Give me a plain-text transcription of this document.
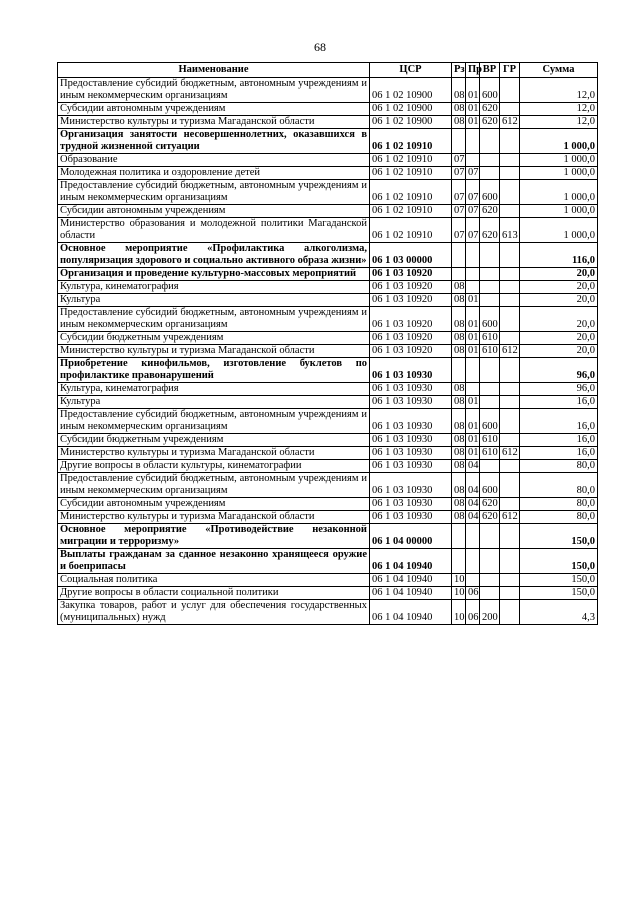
68
Наименование	ЦСР	Рз	Пр	ВР	ГР	Сумма
Предоставление субсидий бюджетным, автономным учреждениям и иным некоммерческим организациям	06 1 02 10900	08	01	600		12,0
Субсидии автономным учреждениям	06 1 02 10900	08	01	620		12,0
Министерство культуры и туризма Магаданской области	06 1 02 10900	08	01	620	612	12,0
Организация занятости несовершеннолетних, оказавшихся в трудной жизненной ситуации	06 1 02 10910					1 000,0
Образование	06 1 02 10910	07				1 000,0
Молодежная политика и оздоровление детей	06 1 02 10910	07	07			1 000,0
Предоставление субсидий бюджетным, автономным учреждениям и иным некоммерческим организациям	06 1 02 10910	07	07	600		1 000,0
Субсидии автономным учреждениям	06 1 02 10910	07	07	620		1 000,0
Министерство образования и молодежной политики Магаданской области	06 1 02 10910	07	07	620	613	1 000,0
Основное мероприятие «Профилактика алкоголизма, популяризация здорового и социально активного образа жизни»	06 1 03 00000					116,0
Организация и проведение культурно-массовых мероприятий	06 1 03 10920					20,0
Культура, кинематография	06 1 03 10920	08				20,0
Культура	06 1 03 10920	08	01			20,0
Предоставление субсидий бюджетным, автономным учреждениям и иным некоммерческим организациям	06 1 03 10920	08	01	600		20,0
Субсидии бюджетным учреждениям	06 1 03 10920	08	01	610		20,0
Министерство культуры и туризма Магаданской области	06 1 03 10920	08	01	610	612	20,0
Приобретение кинофильмов, изготовление буклетов по профилактике правонарушений	06 1 03 10930					96,0
Культура, кинематография	06 1 03 10930	08				96,0
Культура	06 1 03 10930	08	01			16,0
Предоставление субсидий бюджетным, автономным учреждениям и иным некоммерческим организациям	06 1 03 10930	08	01	600		16,0
Субсидии бюджетным учреждениям	06 1 03 10930	08	01	610		16,0
Министерство культуры и туризма Магаданской области	06 1 03 10930	08	01	610	612	16,0
Другие вопросы в области культуры, кинематографии	06 1 03 10930	08	04			80,0
Предоставление субсидий бюджетным, автономным учреждениям и иным некоммерческим организациям	06 1 03 10930	08	04	600		80,0
Субсидии автономным учреждениям	06 1 03 10930	08	04	620		80,0
Министерство культуры и туризма Магаданской области	06 1 03 10930	08	04	620	612	80,0
Основное мероприятие «Противодействие незаконной миграции и терроризму»	06 1 04 00000					150,0
Выплаты гражданам за сданное незаконно хранящееся оружие и боеприпасы	06 1 04 10940					150,0
Социальная политика	06 1 04 10940	10				150,0
Другие вопросы в области социальной политики	06 1 04 10940	10	06			150,0
Закупка товаров, работ и услуг для обеспечения государственных (муниципальных) нужд	06 1 04 10940	10	06	200		4,3
